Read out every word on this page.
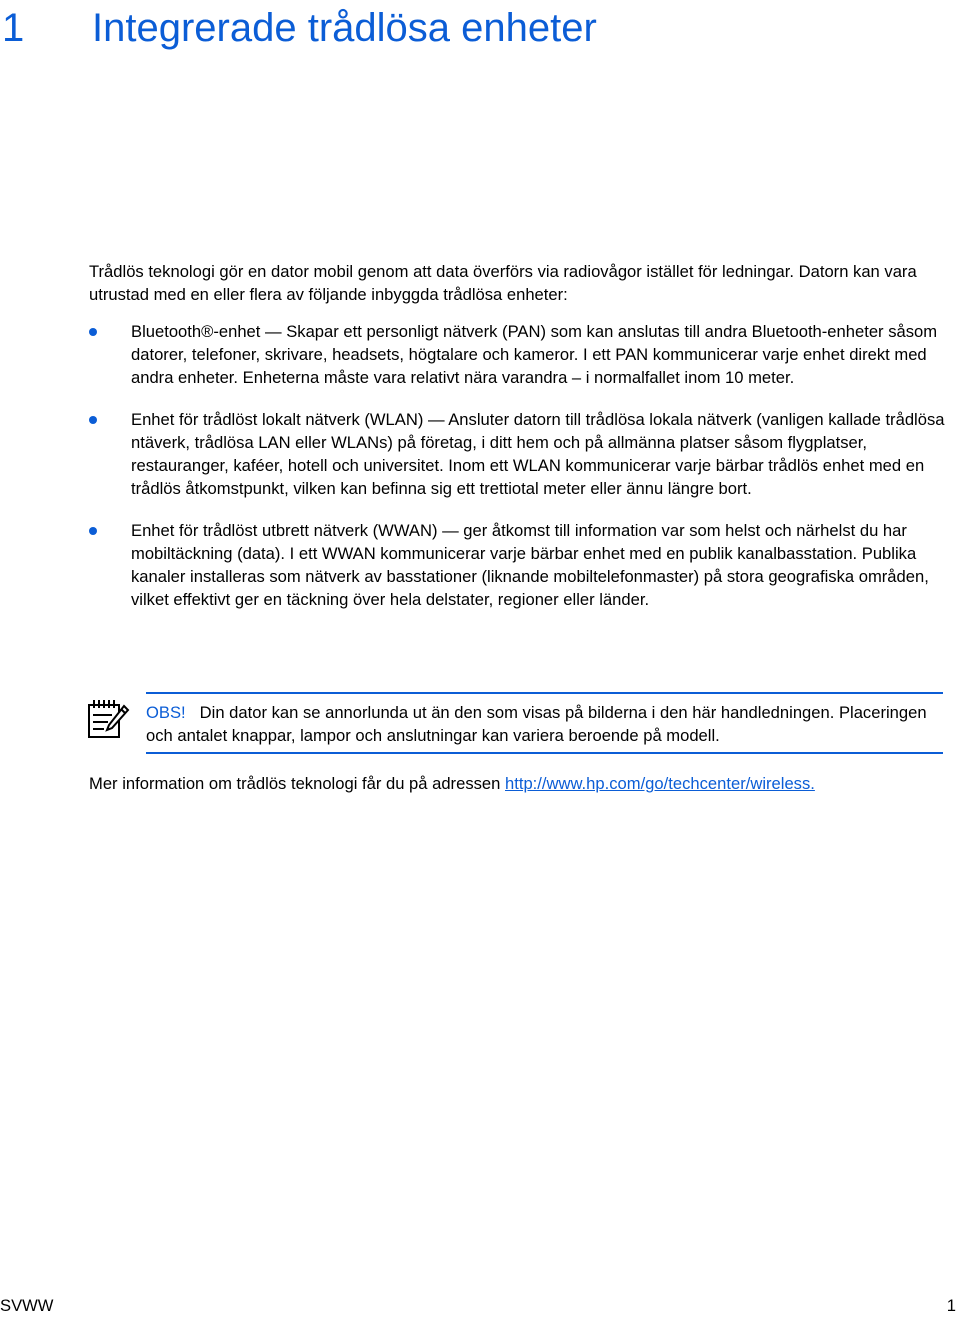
1 Integrerade trådlösa enheter

Trådlös teknologi gör en dator mobil genom att data överförs via radiovågor istället för ledningar. Datorn kan vara utrustad med en eller flera av följande inbyggda trådlösa enheter:

Bluetooth®-enhet — Skapar ett personligt nätverk (PAN) som kan anslutas till andra Bluetooth-enheter såsom datorer, telefoner, skrivare, headsets, högtalare och kameror. I ett PAN kommunicerar varje enhet direkt med andra enheter. Enheterna måste vara relativt nära varandra – i normalfallet inom 10 meter.
Enhet för trådlöst lokalt nätverk (WLAN) — Ansluter datorn till trådlösa lokala nätverk (vanligen kallade trådlösa ntäverk, trådlösa LAN eller WLANs) på företag, i ditt hem och på allmänna platser såsom flygplatser, restauranger, kaféer, hotell och universitet. Inom ett WLAN kommunicerar varje bärbar trådlös enhet med en trådlös åtkomstpunkt, vilken kan befinna sig ett trettiotal meter eller ännu längre bort.
Enhet för trådlöst utbrett nätverk (WWAN) — ger åtkomst till information var som helst och närhelst du har mobiltäckning (data). I ett WWAN kommunicerar varje bärbar enhet med en publik kanalbasstation. Publika kanaler installeras som nätverk av basstationer (liknande mobiltelefonmaster) på stora geografiska områden, vilket effektivt ger en täckning över hela delstater, regioner eller länder.

OBS! Din dator kan se annorlunda ut än den som visas på bilderna i den här handledningen. Placeringen och antalet knappar, lampor och anslutningar kan variera beroende på modell.

Mer information om trådlös teknologi får du på adressen http://www.hp.com/go/techcenter/wireless.

SVWW	1
